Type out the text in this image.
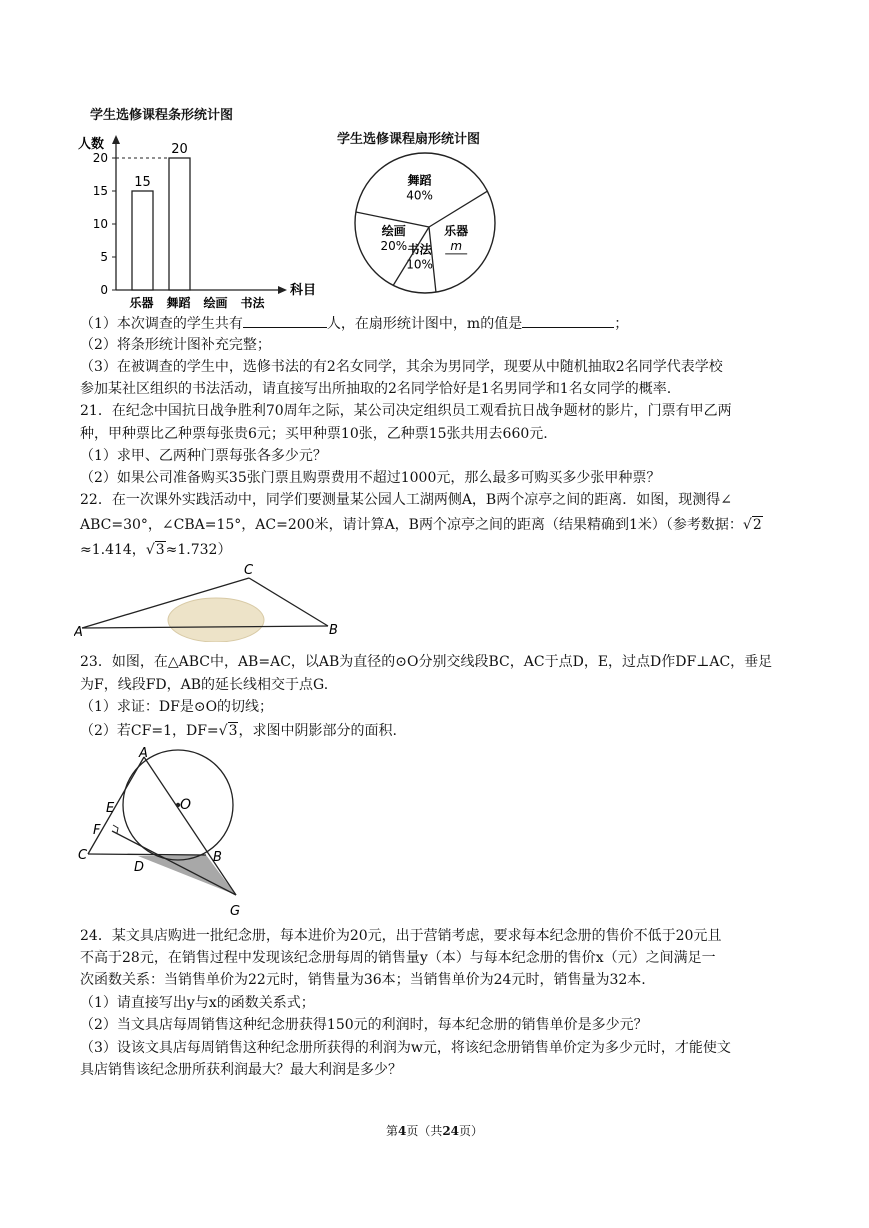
学生选修课程条形统计图
人数
科目
0
5
10
15
20
15
乐器
20
舞蹈 绘画 书法
学生选修课程扇形统计图
舞蹈
40%
乐器
m
书法
10%
绘画
20%
（1）本次调查的学生共有	人，在扇形统计图中，m的值是	；
（2）将条形统计图补充完整；
（3）在被调查的学生中，选修书法的有2名女同学，其余为男同学，现要从中随机抽取2名同学代表学校
参加某社区组织的书法活动，请直接写出所抽取的2名同学恰好是1名男同学和1名女同学的概率.
21．在纪念中国抗日战争胜利70周年之际，某公司决定组织员工观看抗日战争题材的影片，门票有甲乙两
种，甲种票比乙种票每张贵6元；买甲种票10张，乙种票15张共用去660元.
（1）求甲、乙两种门票每张各多少元？
（2）如果公司准备购买35张门票且购票费用不超过1000元，那么最多可购买多少张甲种票？
22．在一次课外实践活动中，同学们要测量某公园人工湖两侧A，B两个凉亭之间的距离．如图，现测得∠
ABC=30°，∠CBA=15°，AC=200米，请计算A，B两个凉亭之间的距离（结果精确到1米）（参考数据：√2
≈1.414，√3≈1.732）
A
C
B
23．如图，在△ABC中，AB=AC，以AB为直径的⊙O分别交线段BC，AC于点D，E，过点D作DF⊥AC，垂足
为F，线段FD，AB的延长线相交于点G.
（1）求证：DF是⊙O的切线；
（2）若CF=1，DF=√3，求图中阴影部分的面积.
A
O
E
F
C
D
B
G
24．某文具店购进一批纪念册，每本进价为20元，出于营销考虑，要求每本纪念册的售价不低于20元且
不高于28元，在销售过程中发现该纪念册每周的销售量y（本）与每本纪念册的售价x（元）之间满足一
次函数关系：当销售单价为22元时，销售量为36本；当销售单价为24元时，销售量为32本.
（1）请直接写出y与x的函数关系式；
（2）当文具店每周销售这种纪念册获得150元的利润时，每本纪念册的销售单价是多少元？
（3）设该文具店每周销售这种纪念册所获得的利润为w元，将该纪念册销售单价定为多少元时，才能使文
具店销售该纪念册所获利润最大？最大利润是多少？
第4页（共24页）
